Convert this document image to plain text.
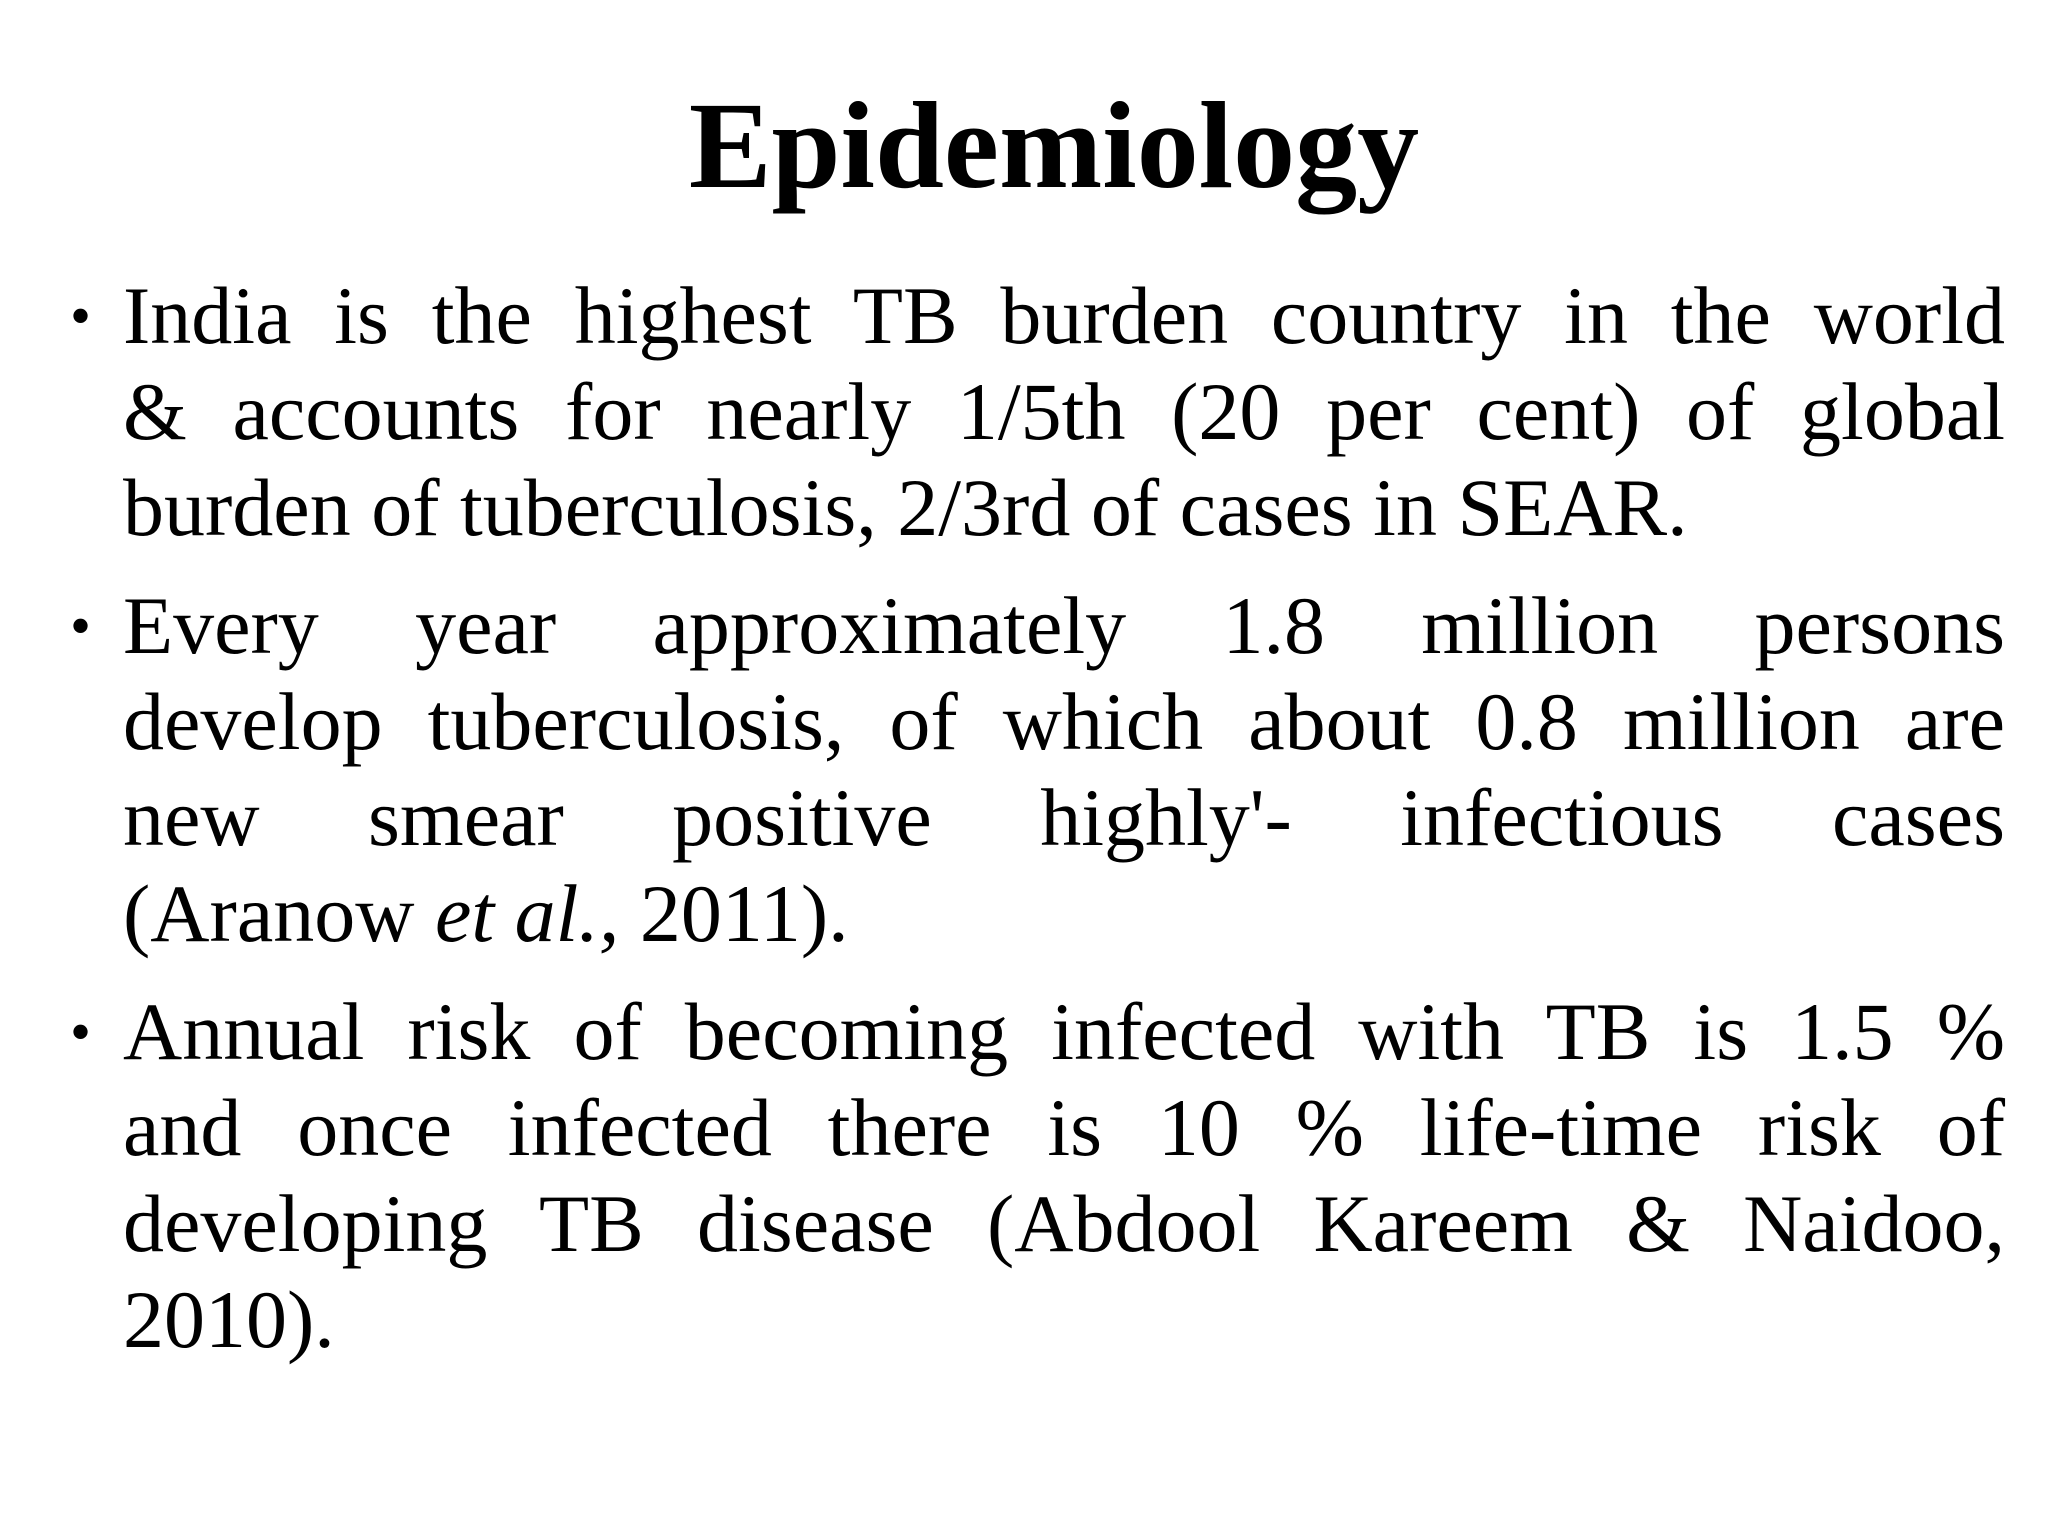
Epidemiology
• India is the highest TB burden country in the world
& accounts for nearly 1/5th (20 per cent) of global
burden of tuberculosis, 2/3rd of cases in SEAR.
• Every year approximately 1.8 million persons
develop tuberculosis, of which about 0.8 million are
new smear positive highly'- infectious cases
(Aranow et al., 2011).
• Annual risk of becoming infected with TB is 1.5 %
and once infected there is 10 % life-time risk of
developing TB disease (Abdool Kareem & Naidoo,
2010).
